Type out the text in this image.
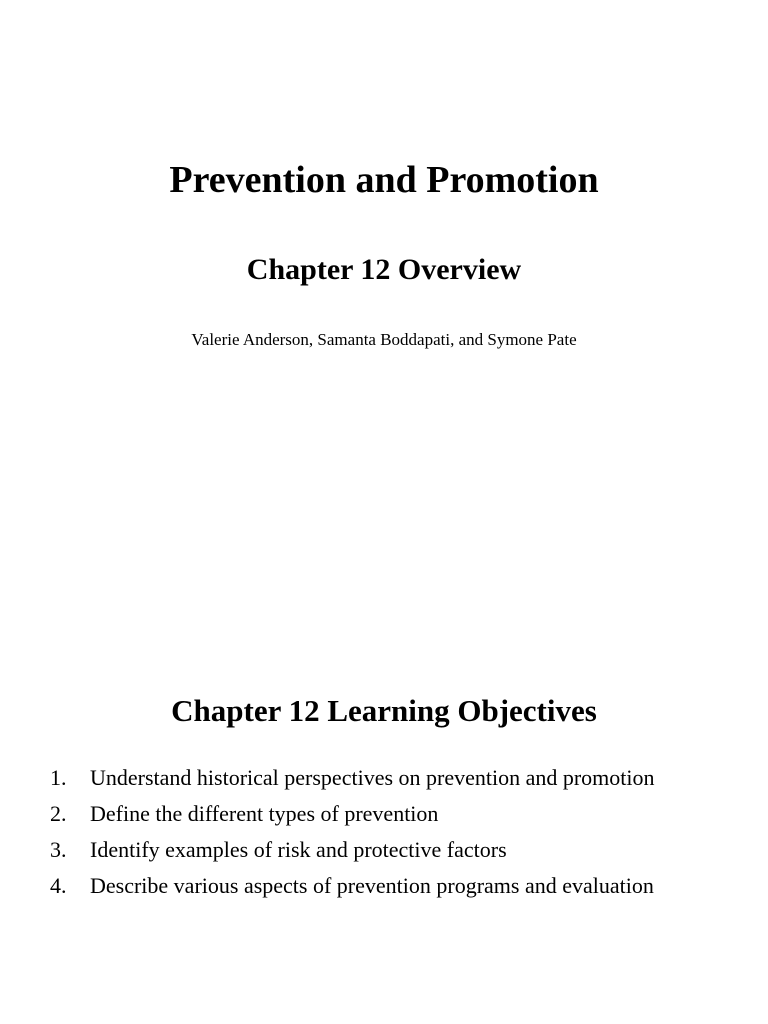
Prevention and Promotion
Chapter 12 Overview

Valerie Anderson, Samanta Boddapati, and Symone Pate

Chapter 12 Learning Objectives
1.	Understand historical perspectives on prevention and promotion
2.	Define the different types of prevention
3.	Identify examples of risk and protective factors
4.	Describe various aspects of prevention programs and evaluation
